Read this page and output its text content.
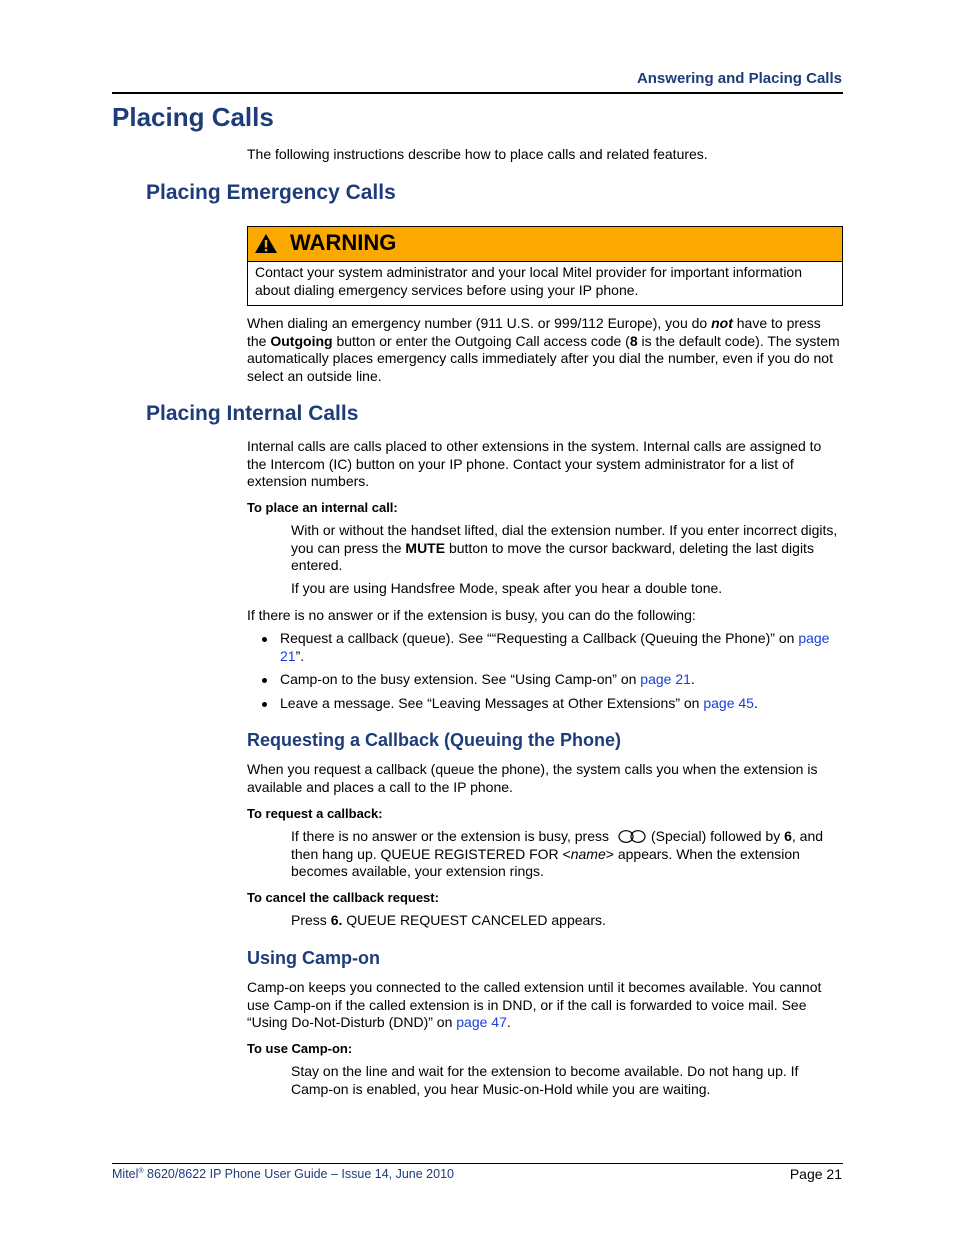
Answering and Placing Calls
Placing Calls

The following instructions describe how to place calls and related features.

Placing Emergency Calls
WARNING
Contact your system administrator and your local Mitel provider for important information about dialing emergency services before using your IP phone.

When dialing an emergency number (911 U.S. or 999/112 Europe), you do not have to press the Outgoing button or enter the Outgoing Call access code (8 is the default code). The system automatically places emergency calls immediately after you dial the number, even if you do not select an outside line.

Placing Internal Calls

Internal calls are calls placed to other extensions in the system. Internal calls are assigned to the Intercom (IC) button on your IP phone. Contact your system administrator for a list of extension numbers.

To place an internal call:

With or without the handset lifted, dial the extension number. If you enter incorrect digits, you can press the MUTE button to move the cursor backward, deleting the last digits entered.

If you are using Handsfree Mode, speak after you hear a double tone.

If there is no answer or if the extension is busy, you can do the following:

Request a callback (queue). See ““Requesting a Callback (Queuing the Phone)” on page 21”.
Camp-on to the busy extension. See “Using Camp-on” on page 21.
Leave a message. See “Leaving Messages at Other Extensions” on page 45.
Requesting a Callback (Queuing the Phone)

When you request a callback (queue the phone), the system calls you when the extension is available and places a call to the IP phone.

To request a callback:

If there is no answer or the extension is busy, press	(Special) followed by 6, and then hang up. QUEUE REGISTERED FOR <name> appears. When the extension becomes available, your extension rings.

To cancel the callback request:

Press 6. QUEUE REQUEST CANCELED appears.

Using Camp-on

Camp-on keeps you connected to the called extension until it becomes available. You cannot use Camp-on if the called extension is in DND, or if the call is forwarded to voice mail. See “Using Do-Not-Disturb (DND)” on page 47.

To use Camp-on:

Stay on the line and wait for the extension to become available. Do not hang up. If Camp-on is enabled, you hear Music-on-Hold while you are waiting.

Mitel® 8620/8622 IP Phone User Guide – Issue 14, June 2010	Page 21
